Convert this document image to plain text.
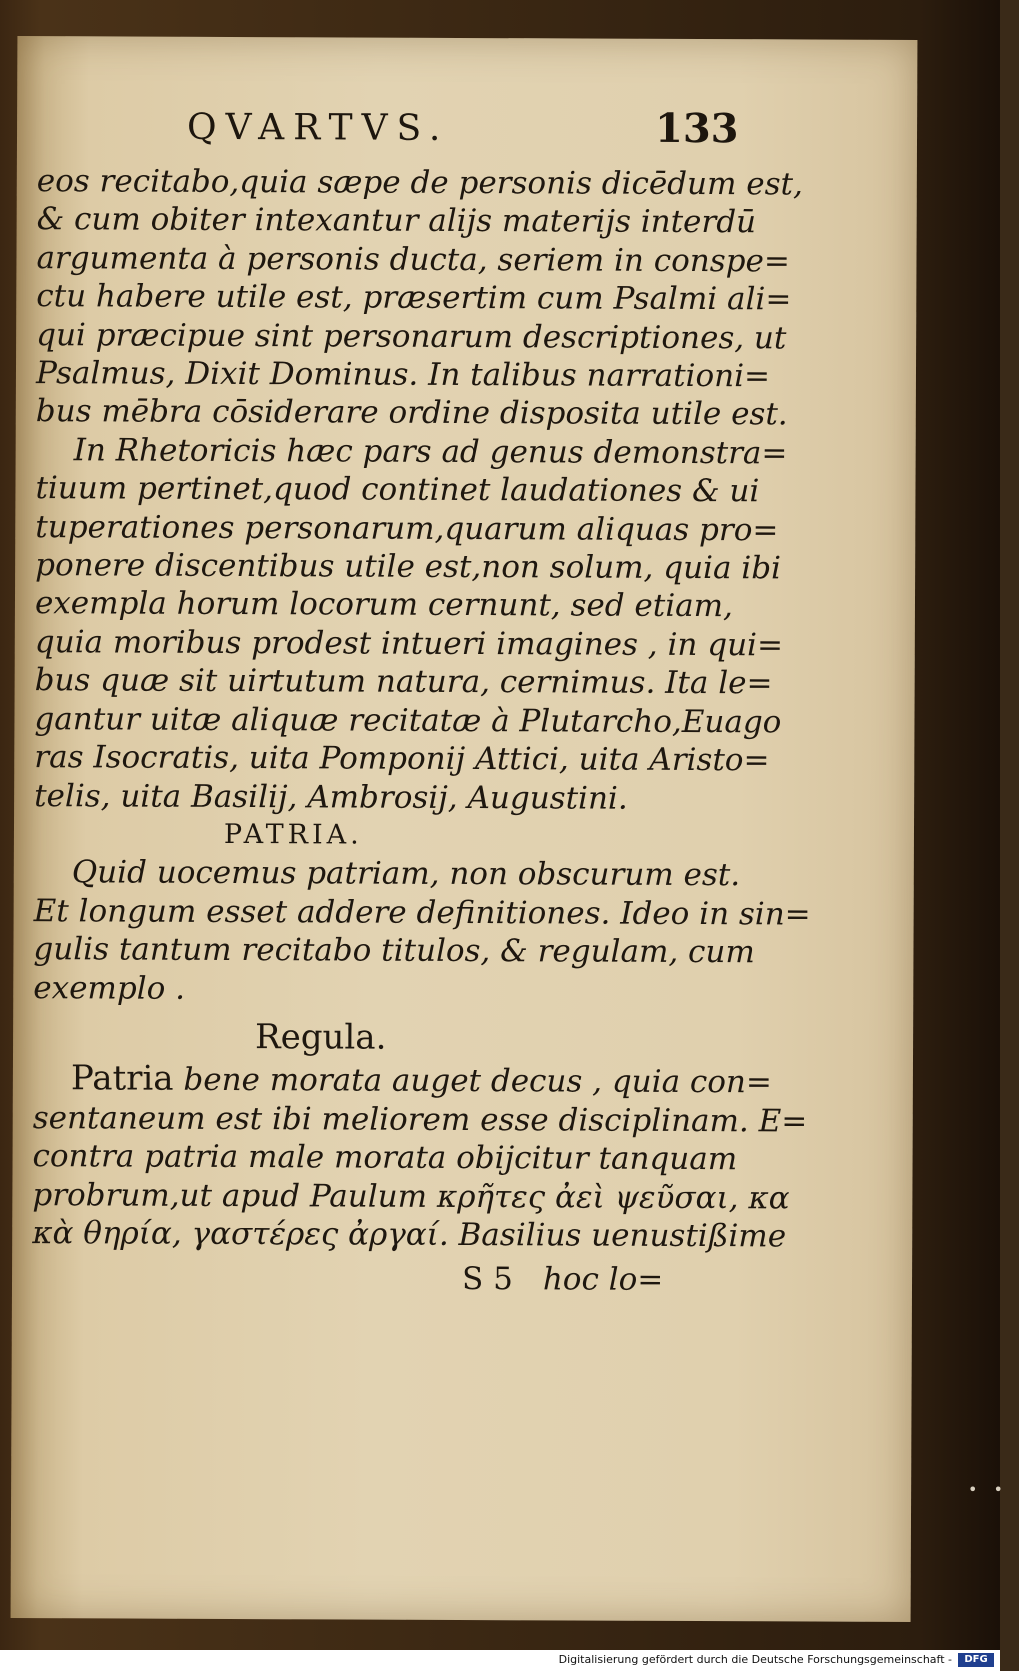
QVARTVS.	133
eos recitabo,quia sæpe de personis dicēdum est,
& cum obiter intexantur alijs materijs interdū
argumenta à personis ducta, seriem in conspe=
ctu habere utile est, præsertim cum Psalmi ali=
qui præcipue sint personarum descriptiones, ut
Psalmus, Dixit Dominus. In talibus narrationi=
bus mēbra cōsiderare ordine disposita utile est.
In Rhetoricis hæc pars ad genus demonstra=
tiuum pertinet,quod continet laudationes & ui
tuperationes personarum,quarum aliquas pro=
ponere discentibus utile est,non solum, quia ibi
exempla horum locorum cernunt, sed etiam,
quia moribus prodest intueri imagines , in qui=
bus quæ sit uirtutum natura, cernimus. Ita le=
gantur uitæ aliquæ recitatæ à Plutarcho,Euago
ras Isocratis, uita Pomponij Attici, uita Aristo=
telis, uita Basilij, Ambrosij, Augustini.
PATRIA.
Quid uocemus patriam, non obscurum est.
Et longum esset addere definitiones. Ideo in sin=
gulis tantum recitabo titulos, & regulam, cum
exemplo .
Regula.
Patria bene morata auget decus , quia con=
sentaneum est ibi meliorem esse disciplinam. E=
contra patria male morata obijcitur tanquam
probrum,ut apud Paulum κρῆτες ἀεὶ ψεῦσαι, κα
κὰ θηρία, γαστέρες ἀργαί. Basilius uenustißime
S 5 hoc lo=
••
Digitalisierung gefördert durch die Deutsche Forschungsgemeinschaft -	DFG
